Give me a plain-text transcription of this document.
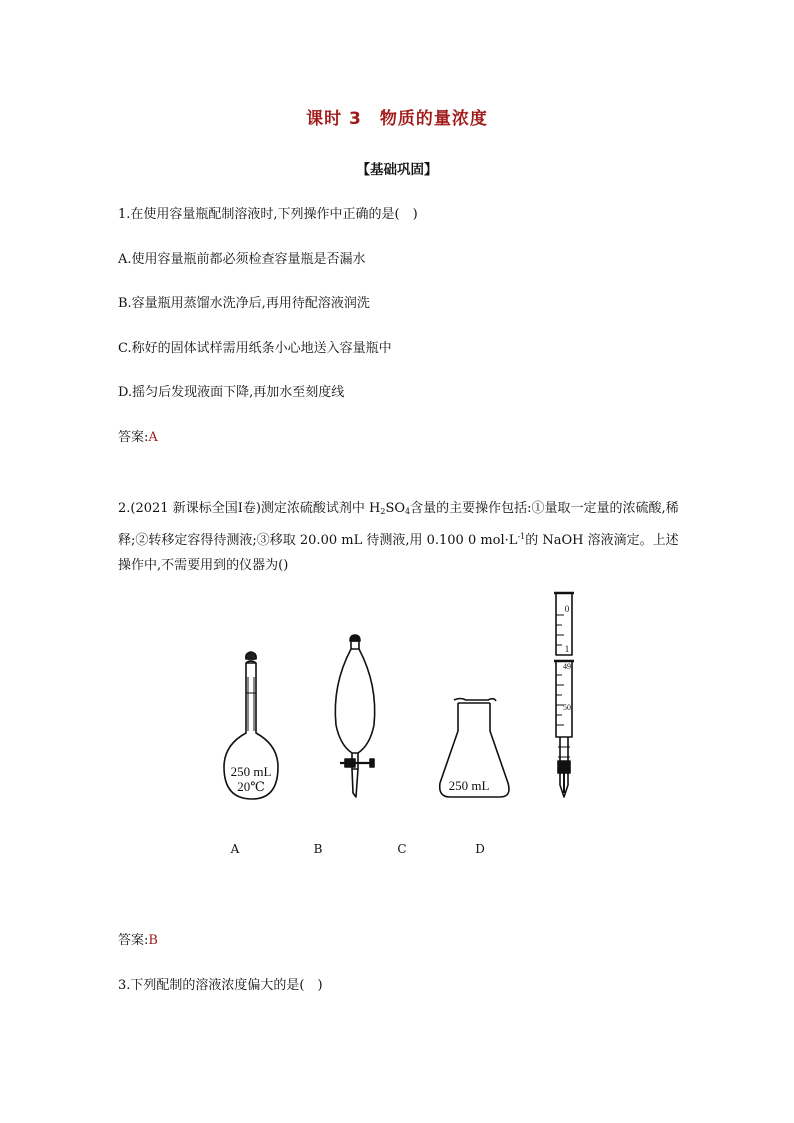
课时 3　物质的量浓度
【基础巩固】
1.在使用容量瓶配制溶液时,下列操作中正确的是(　)
A.使用容量瓶前都必须检查容量瓶是否漏水
B.容量瓶用蒸馏水洗净后,再用待配溶液润洗
C.称好的固体试样需用纸条小心地送入容量瓶中
D.摇匀后发现液面下降,再加水至刻度线
答案:A
2.(2021 新课标全国Ⅰ卷)测定浓硫酸试剂中 $H_2SO_4$含量的主要操作包括:①量取一定量的浓硫酸,稀释;②转移定容得待测液;③移取 20.00 mL 待测液,用 0.100 0 $mol\cdot L^{-1}$的 NaOH 溶液滴定。上述操作中,不需要用到的仪器为()
250 mL
20℃	250 mL
0
1
49
50
A	B	C	D
答案:B
3.下列配制的溶液浓度偏大的是(　)
